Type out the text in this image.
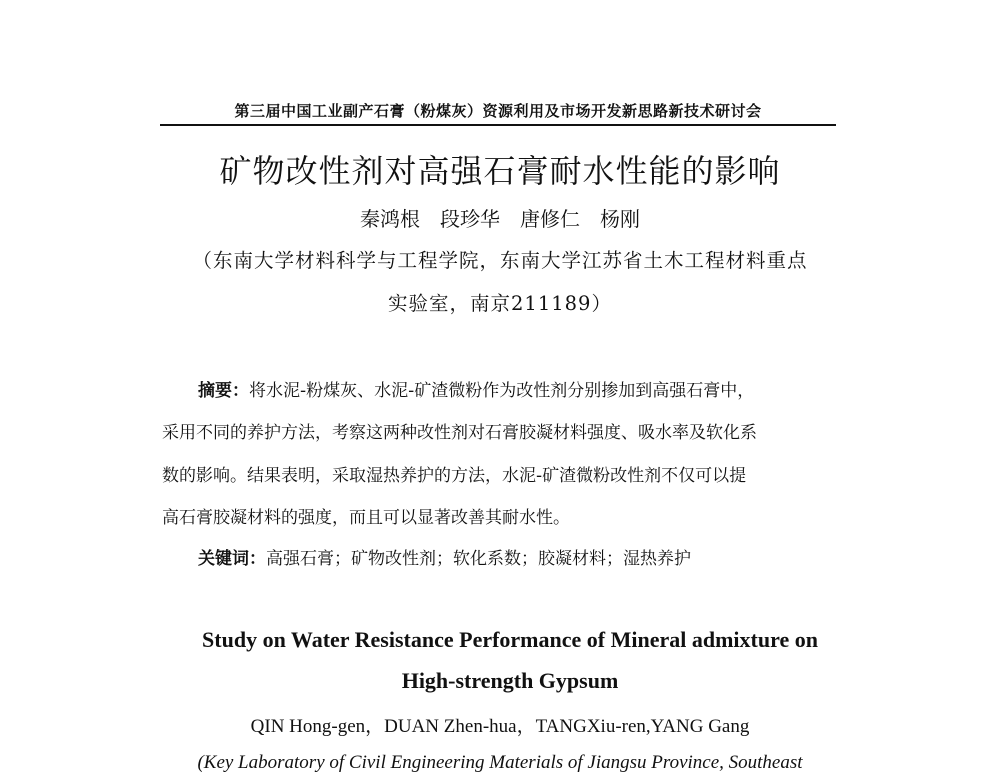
第三届中国工业副产石膏（粉煤灰）资源利用及市场开发新思路新技术研讨会
矿物改性剂对高强石膏耐水性能的影响
秦鸿根　段珍华　唐修仁　杨刚
（东南大学材料科学与工程学院，东南大学江苏省土木工程材料重点
实验室，南京211189）
摘要：将水泥-粉煤灰、水泥-矿渣微粉作为改性剂分别掺加到高强石膏中，
采用不同的养护方法，考察这两种改性剂对石膏胶凝材料强度、吸水率及软化系
数的影响。结果表明，采取湿热养护的方法，水泥-矿渣微粉改性剂不仅可以提
高石膏胶凝材料的强度，而且可以显著改善其耐水性。
关键词：高强石膏；矿物改性剂；软化系数；胶凝材料；湿热养护
Study on Water Resistance Performance of Mineral admixture on
High-strength Gypsum
QIN Hong-gen，DUAN Zhen-hua，TANGXiu-ren,YANG Gang
(Key Laboratory of Civil Engineering Materials of Jiangsu Province, Southeast
